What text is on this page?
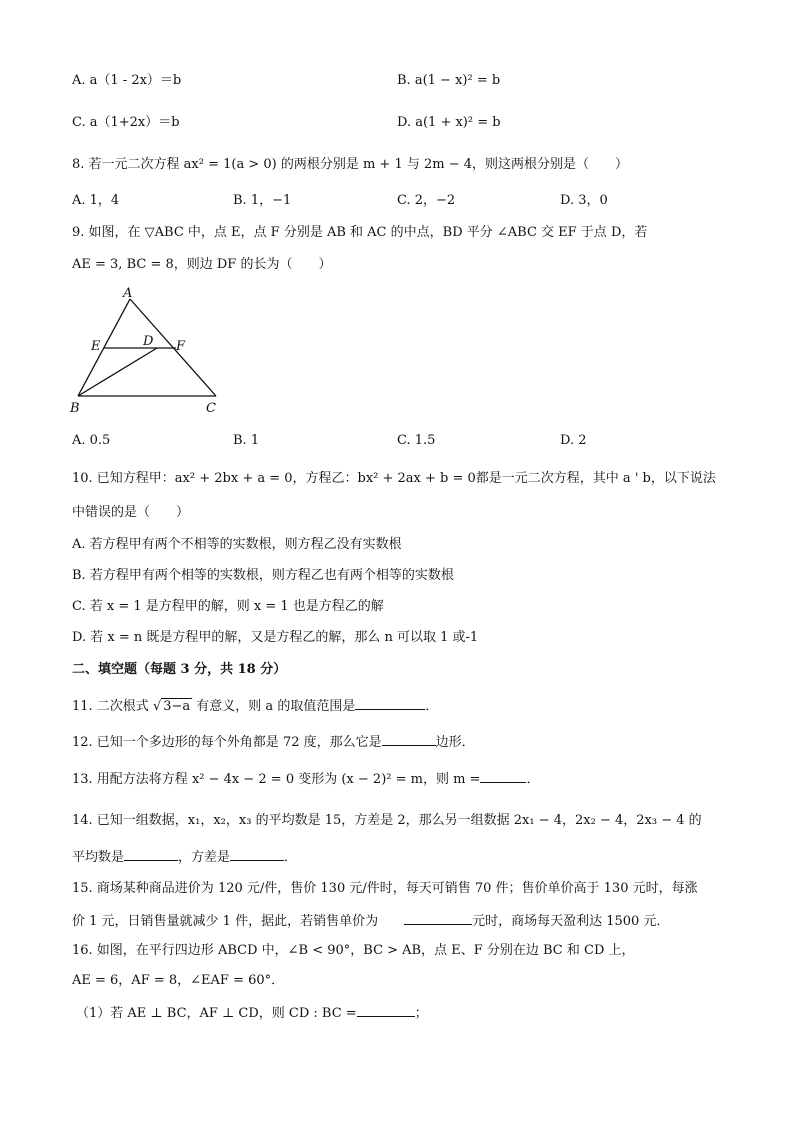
A. a（1 - 2x）＝b	B. a(1 − x)² = b
C. a（1+2x）＝b	D. a(1 + x)² = b
8. 若一元二次方程 ax² = 1(a > 0) 的两根分别是 m + 1 与 2m − 4，则这两根分别是（　　）
A. 1，4	B. 1，−1	C. 2，−2	D. 3，0
9. 如图，在 ▽ABC 中，点 E，点 F 分别是 AB 和 AC 的中点，BD 平分 ∠ABC 交 EF 于点 D，若
AE = 3, BC = 8，则边 DF 的长为（　　）
A
E	D F
B	C
A. 0.5	B. 1	C. 1.5	D. 2
10. 已知方程甲：ax² + 2bx + a = 0，方程乙：bx² + 2ax + b = 0都是一元二次方程，其中 a ' b，以下说法
中错误的是（　　）
A. 若方程甲有两个不相等的实数根，则方程乙没有实数根
B. 若方程甲有两个相等的实数根，则方程乙也有两个相等的实数根
C. 若 x = 1 是方程甲的解，则 x = 1 也是方程乙的解
D. 若 x = n 既是方程甲的解，又是方程乙的解，那么 n 可以取 1 或-1
二、填空题（每题 3 分，共 18 分）
11. 二次根式 √ 3−a 有意义，则 a 的取值范围是	．
12. 已知一个多边形的每个外角都是 72 度，那么它是	边形．
13. 用配方法将方程 x² − 4x − 2 = 0 变形为 (x − 2)² = m，则 m =	．
14. 已知一组数据，x₁，x₂，x₃ 的平均数是 15，方差是 2，那么另一组数据 2x₁ − 4，2x₂ − 4，2x₃ − 4 的
平均数是	，方差是	．
15. 商场某种商品进价为 120 元/件，售价 130 元/件时，每天可销售 70 件；售价单价高于 130 元时，每涨
价 1 元，日销售量就减少 1 件，据此，若销售单价为　　	元时，商场每天盈利达 1500 元．
16. 如图，在平行四边形 ABCD 中，∠B < 90°，BC > AB，点 E、F 分别在边 BC 和 CD 上，
AE = 6，AF = 8，∠EAF = 60°．
（1）若 AE ⊥ BC，AF ⊥ CD，则 CD : BC =	；
